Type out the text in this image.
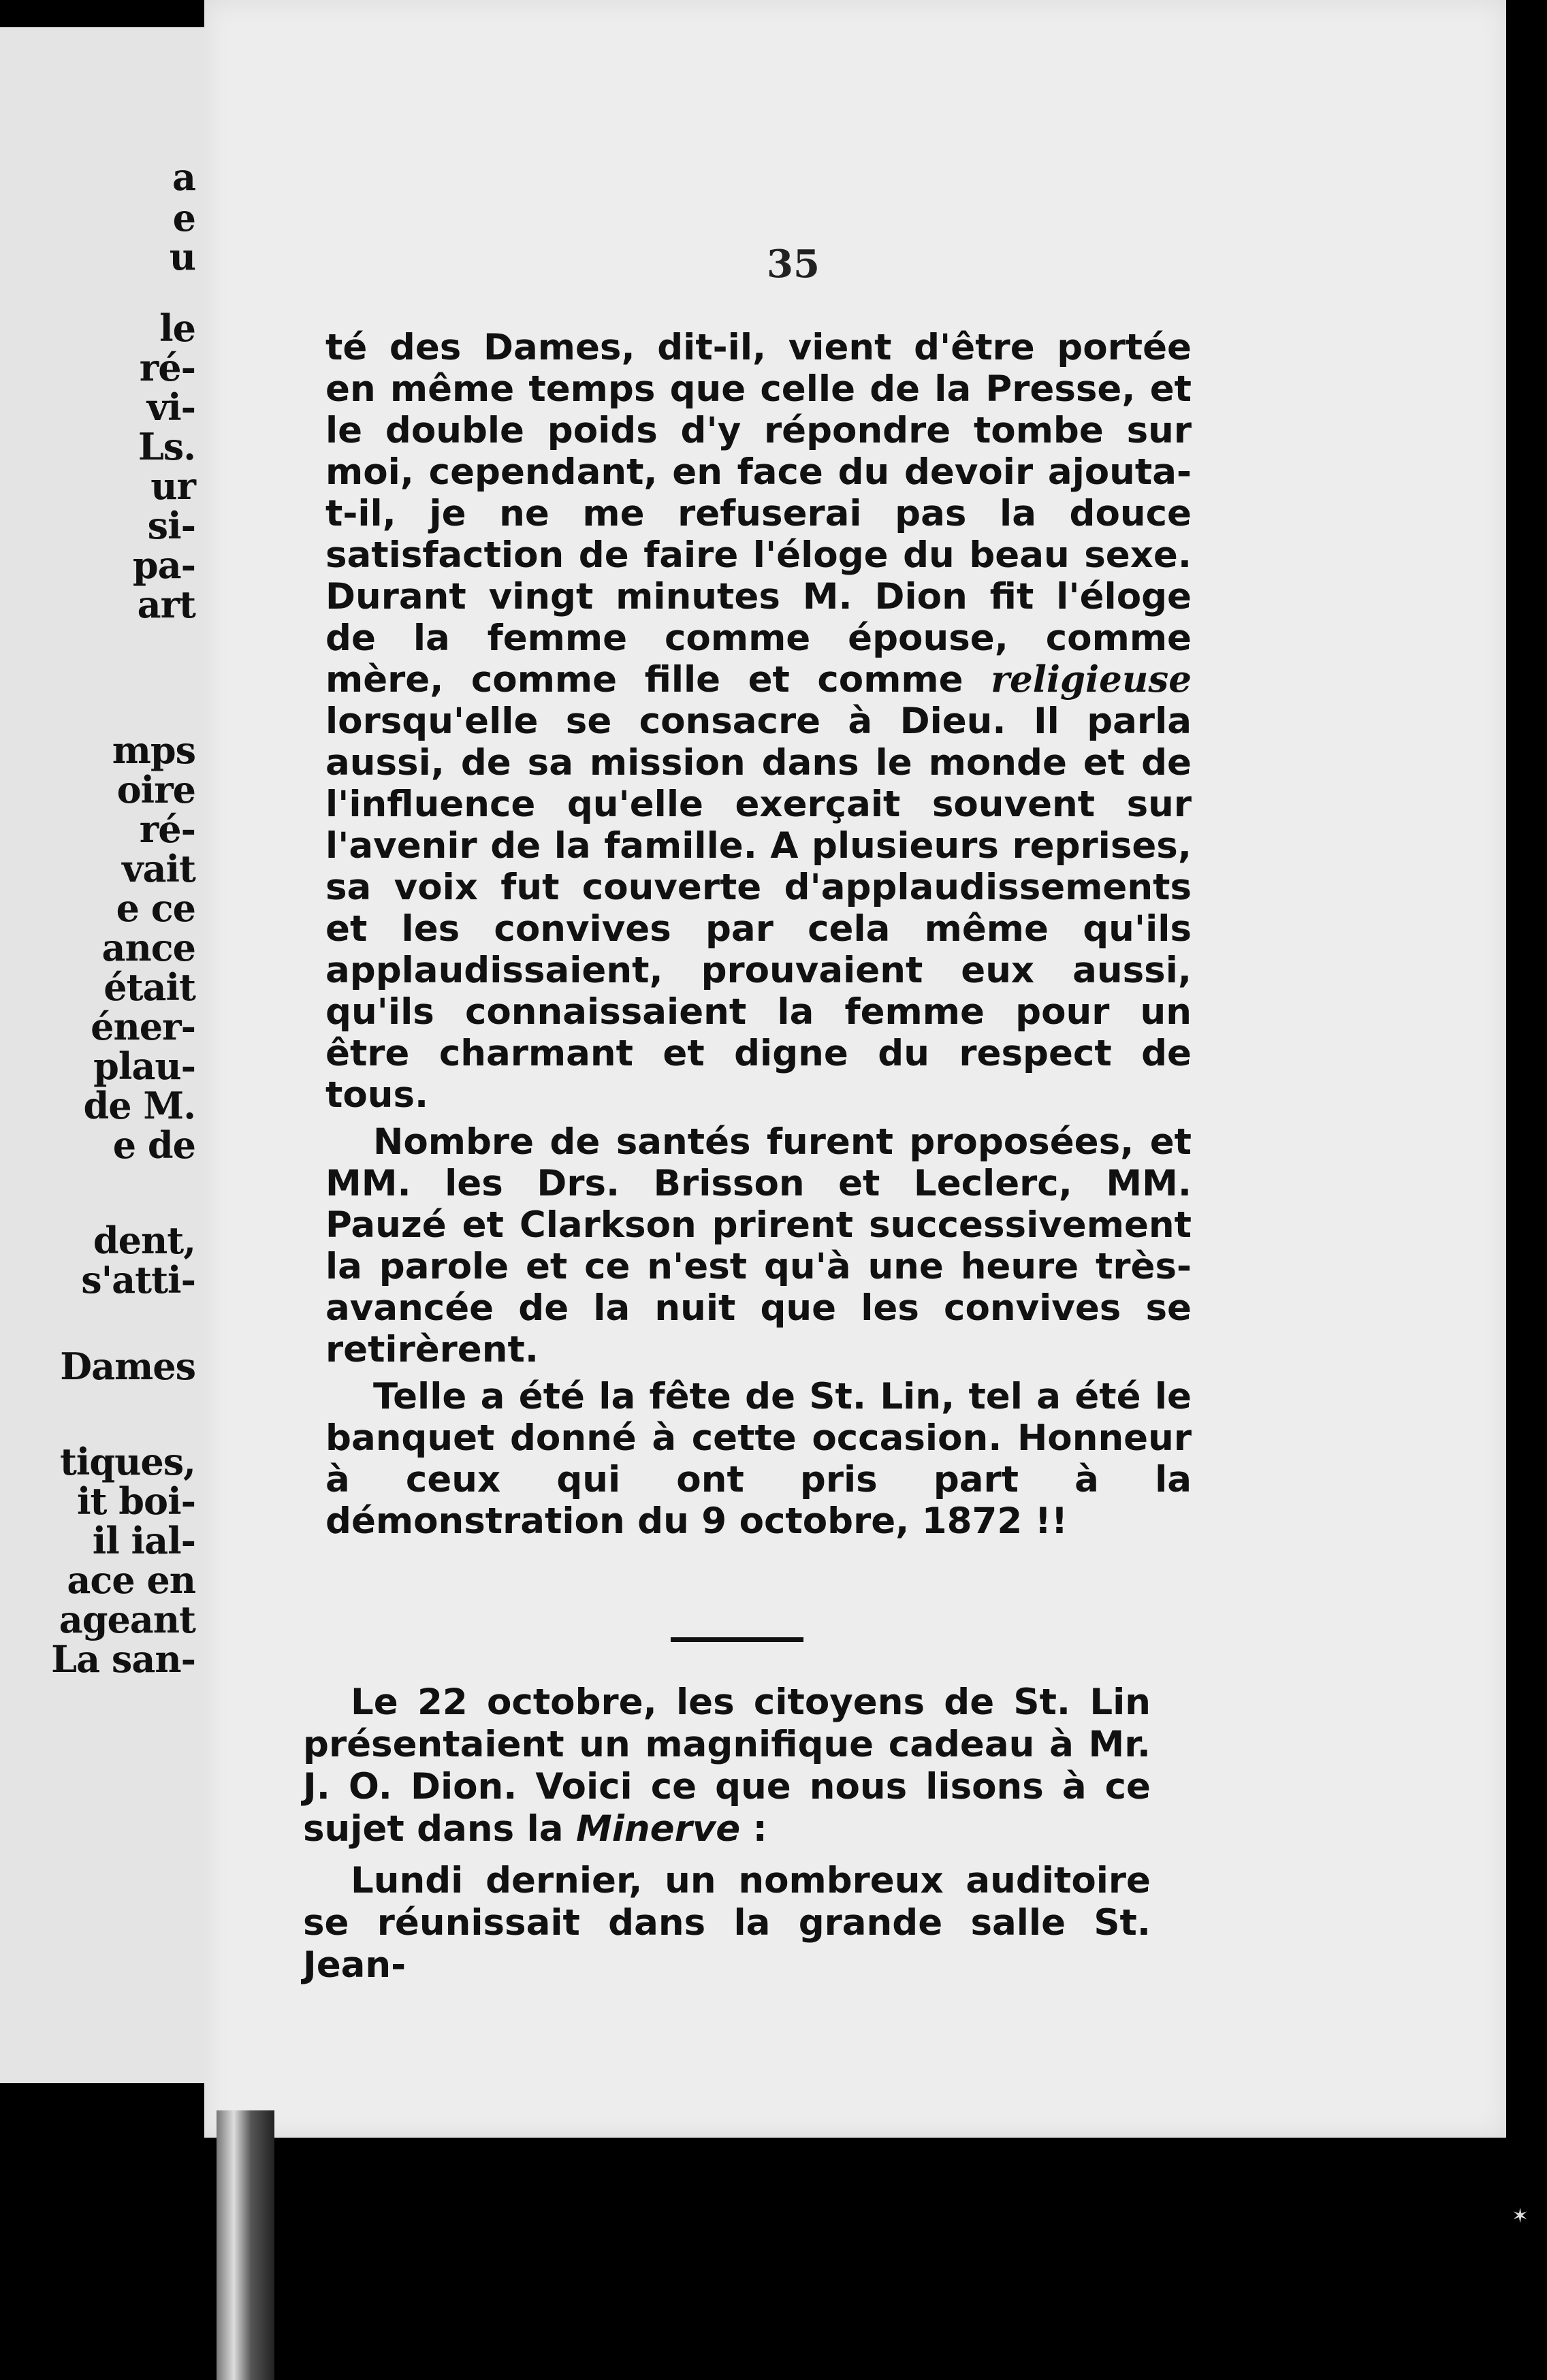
a
e
u
le
ré-
vi-
Ls.
ur
si-
pa-
art
mps
oire
ré-
vait
e ce
ance
était
éner-
plau-
de M.
e de
dent,
s'atti-
Dames
tiques,
it boi-
il ial-
ace en
ageant
La san-
35

té des Dames, dit-il, vient d'être portée en même temps que celle de la Presse, et le double poids d'y répondre tombe sur moi, cependant, en face du devoir ajouta-t-il, je ne me refuserai pas la douce satisfaction de faire l'éloge du beau sexe. Durant vingt minutes M. Dion fit l'éloge de la femme comme épouse, comme mère, comme fille et comme religieuse lorsqu'elle se consacre à Dieu. Il parla aussi, de sa mission dans le monde et de l'influence qu'elle exerçait souvent sur l'avenir de la famille. A plusieurs reprises, sa voix fut couverte d'applaudissements et les convives par cela même qu'ils applaudissaient, prouvaient eux aussi, qu'ils connaissaient la femme pour un être charmant et digne du respect de tous.

Nombre de santés furent proposées, et MM. les Drs. Brisson et Leclerc, MM. Pauzé et Clarkson prirent successivement la parole et ce n'est qu'à une heure très-avancée de la nuit que les convives se retirèrent.

Telle a été la fête de St. Lin, tel a été le banquet donné à cette occasion. Honneur à ceux qui ont pris part à la démonstration du 9 octobre, 1872 !!

Le 22 octobre, les citoyens de St. Lin présentaient un magnifique cadeau à Mr. J. O. Dion. Voici ce que nous lisons à ce sujet dans la Minerve :

Lundi dernier, un nombreux auditoire se réunissait dans la grande salle St. Jean-

✶
